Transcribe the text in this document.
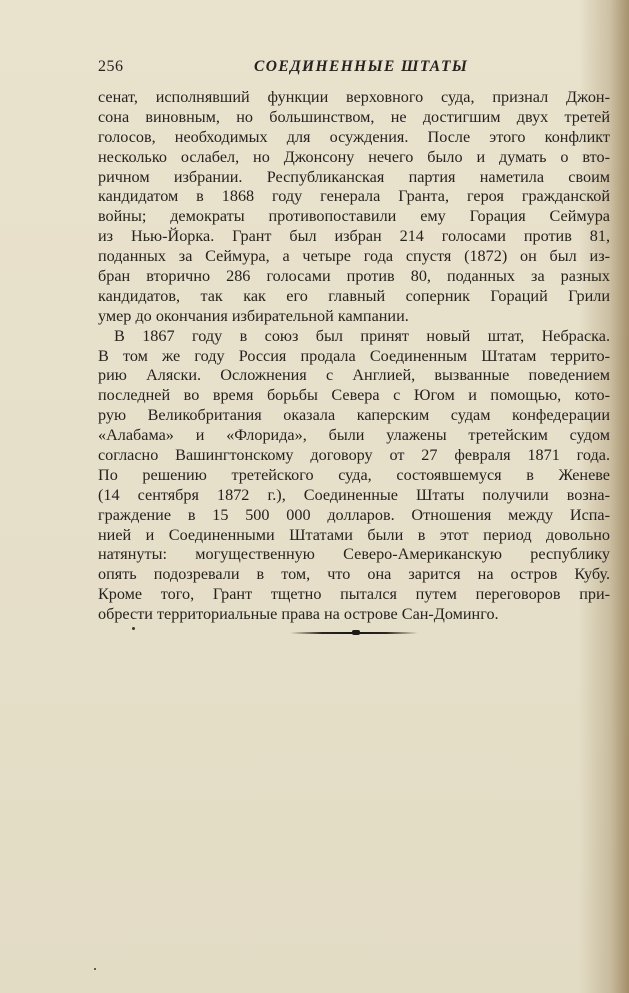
256	СОЕДИНЕННЫЕ ШТАТЫ
сенат, исполнявший функции верховного суда, признал Джон-
сона виновным, но большинством, не достигшим двух третей
голосов, необходимых для осуждения. После этого конфликт
несколько ослабел, но Джонсону нечего было и думать о вто-
ричном избрании. Республиканская партия наметила своим
кандидатом в 1868 году генерала Гранта, героя гражданской
войны; демократы противопоставили ему Горация Сеймура
из Нью-Йорка. Грант был избран 214 голосами против 81,
поданных за Сеймура, а четыре года спустя (1872) он был из-
бран вторично 286 голосами против 80, поданных за разных
кандидатов, так как его главный соперник Гораций Грили
умер до окончания избирательной кампании.
В 1867 году в союз был принят новый штат, Небраска.
В том же году Россия продала Соединенным Штатам террито-
рию Аляски. Осложнения с Англией, вызванные поведением
последней во время борьбы Севера с Югом и помощью, кото-
рую Великобритания оказала каперским судам конфедерации
«Алабама» и «Флорида», были улажены третейским судом
согласно Вашингтонскому договору от 27 февраля 1871 года.
По решению третейского суда, состоявшемуся в Женеве
(14 сентября 1872 г.), Соединенные Штаты получили возна-
граждение в 15 500 000 долларов. Отношения между Испа-
нией и Соединенными Штатами были в этот период довольно
натянуты: могущественную Северо-Американскую республику
опять подозревали в том, что она зарится на остров Кубу.
Кроме того, Грант тщетно пытался путем переговоров при-
обрести территориальные права на острове Сан-Доминго.
